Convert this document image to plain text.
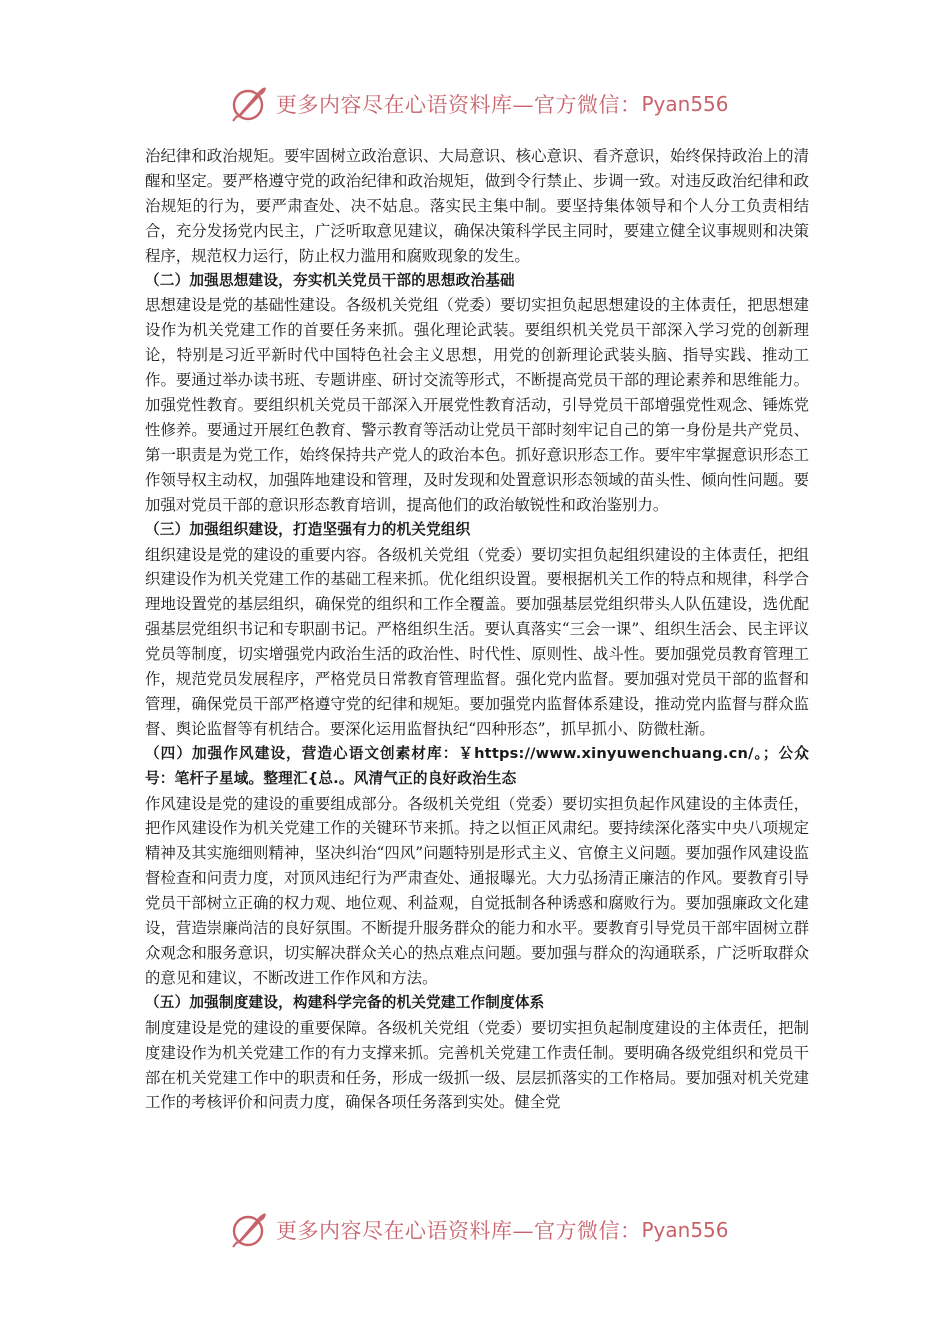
更多内容尽在心语资料库—官方微信： Pyan556

治纪律和政治规矩。要牢固树立政治意识、大局意识、核心意识、看齐意识，始终保持政治上的清醒和坚定。要严格遵守党的政治纪律和政治规矩，做到令行禁止、步调一致。对违反政治纪律和政治规矩的行为，要严肃查处、决不姑息。落实民主集中制。要坚持集体领导和个人分工负责相结合，充分发扬党内民主，广泛听取意见建议，确保决策科学民主同时，要建立健全议事规则和决策程序，规范权力运行，防止权力滥用和腐败现象的发生。

（二）加强思想建设，夯实机关党员干部的思想政治基础

思想建设是党的基础性建设。各级机关党组（党委）要切实担负起思想建设的主体责任，把思想建设作为机关党建工作的首要任务来抓。强化理论武装。要组织机关党员干部深入学习党的创新理论，特别是习近平新时代中国特色社会主义思想，用党的创新理论武装头脑、指导实践、推动工作。要通过举办读书班、专题讲座、研讨交流等形式，不断提高党员干部的理论素养和思维能力。加强党性教育。要组织机关党员干部深入开展党性教育活动，引导党员干部增强党性观念、锤炼党性修养。要通过开展红色教育、警示教育等活动让党员干部时刻牢记自己的第一身份是共产党员、第一职责是为党工作，始终保持共产党人的政治本色。抓好意识形态工作。要牢牢掌握意识形态工作领导权主动权，加强阵地建设和管理，及时发现和处置意识形态领域的苗头性、倾向性问题。要加强对党员干部的意识形态教育培训，提高他们的政治敏锐性和政治鉴别力。

（三）加强组织建设，打造坚强有力的机关党组织

组织建设是党的建设的重要内容。各级机关党组（党委）要切实担负起组织建设的主体责任，把组织建设作为机关党建工作的基础工程来抓。优化组织设置。要根据机关工作的特点和规律，科学合理地设置党的基层组织，确保党的组织和工作全覆盖。要加强基层党组织带头人队伍建设，选优配强基层党组织书记和专职副书记。严格组织生活。要认真落实“三会一课”、组织生活会、民主评议党员等制度，切实增强党内政治生活的政治性、时代性、原则性、战斗性。要加强党员教育管理工作，规范党员发展程序，严格党员日常教育管理监督。强化党内监督。要加强对党员干部的监督和管理，确保党员干部严格遵守党的纪律和规矩。要加强党内监督体系建设，推动党内监督与群众监督、舆论监督等有机结合。要深化运用监督执纪“四种形态”，抓早抓小、防微杜渐。

（四）加强作风建设，营造心语文创素材库：￥https://www.xinyuwenchuang.cn/。；公众号：笔杆子星域。整理汇{总.。风清气正的良好政治生态

作风建设是党的建设的重要组成部分。各级机关党组（党委）要切实担负起作风建设的主体责任，把作风建设作为机关党建工作的关键环节来抓。持之以恒正风肃纪。要持续深化落实中央八项规定精神及其实施细则精神，坚决纠治“四风”问题特别是形式主义、官僚主义问题。要加强作风建设监督检查和问责力度，对顶风违纪行为严肃查处、通报曝光。大力弘扬清正廉洁的作风。要教育引导党员干部树立正确的权力观、地位观、利益观，自觉抵制各种诱惑和腐败行为。要加强廉政文化建设，营造崇廉尚洁的良好氛围。不断提升服务群众的能力和水平。要教育引导党员干部牢固树立群众观念和服务意识，切实解决群众关心的热点难点问题。要加强与群众的沟通联系，广泛听取群众的意见和建议，不断改进工作作风和方法。

（五）加强制度建设，构建科学完备的机关党建工作制度体系

制度建设是党的建设的重要保障。各级机关党组（党委）要切实担负起制度建设的主体责任，把制度建设作为机关党建工作的有力支撑来抓。完善机关党建工作责任制。要明确各级党组织和党员干部在机关党建工作中的职责和任务，形成一级抓一级、层层抓落实的工作格局。要加强对机关党建工作的考核评价和问责力度，确保各项任务落到实处。健全党

更多内容尽在心语资料库—官方微信： Pyan556
